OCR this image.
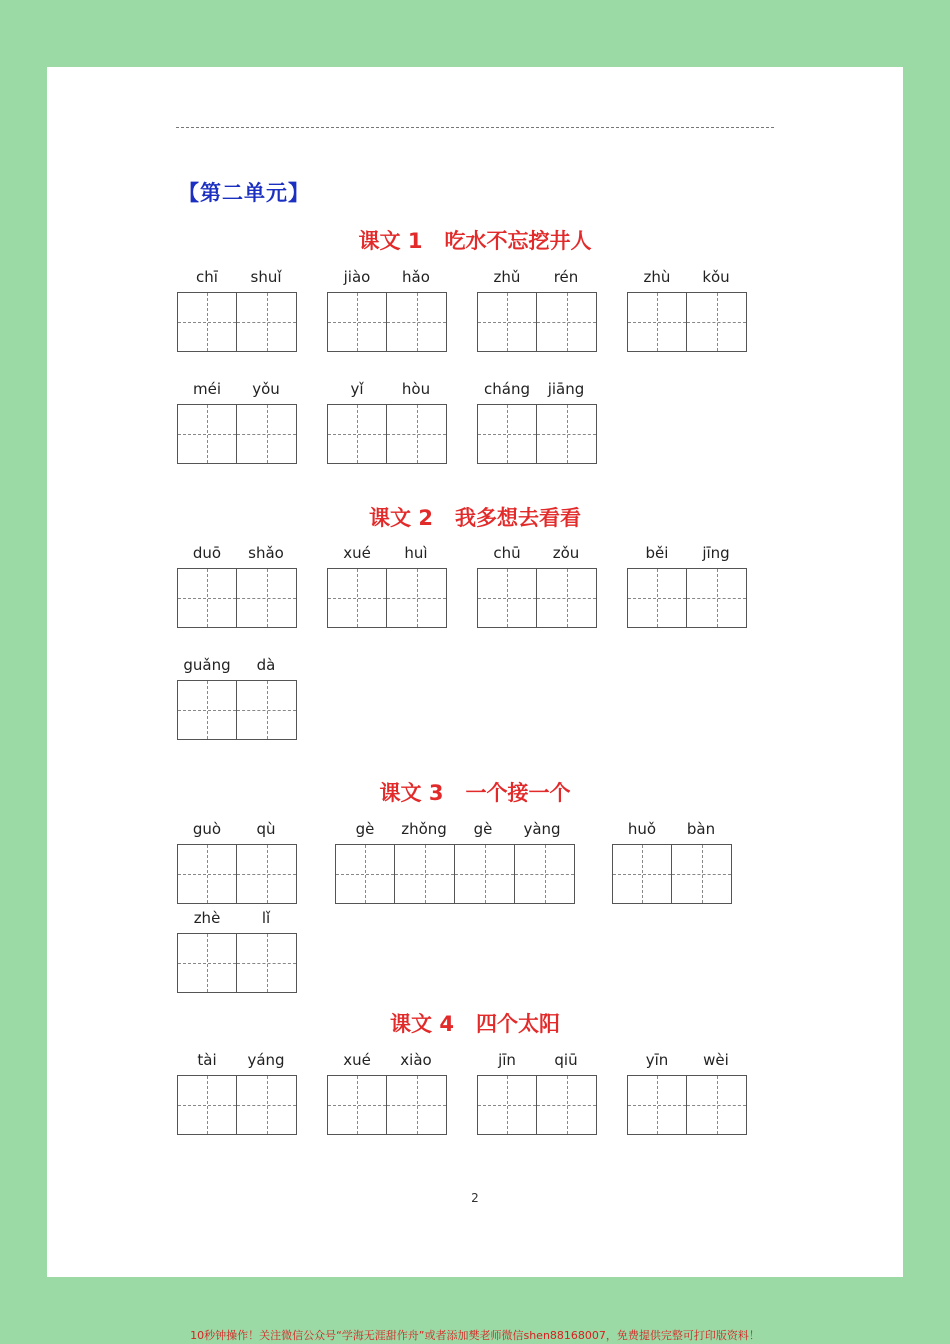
【第二单元】
课文 1 吃水不忘挖井人
课文 2 我多想去看看
课文 3 一个接一个
课文 4 四个太阳
chī	shuǐ	jiào	hǎo	zhǔ	rén	zhù	kǒu
méi	yǒu	yǐ	hòu	cháng	jiāng
duō	shǎo	xué	huì	chū	zǒu	běi	jīng
guǎng	dà
guò	qù	gè	zhǒng	gè	yàng	huǒ	bàn
zhè	lǐ
tài	yáng	xué	xiào	jīn	qiū	yīn	wèi
2
10秒钟操作！关注微信公众号“学海无涯甜作舟”或者添加樊老师微信shen88168007，免费提供完整可打印版资料！
